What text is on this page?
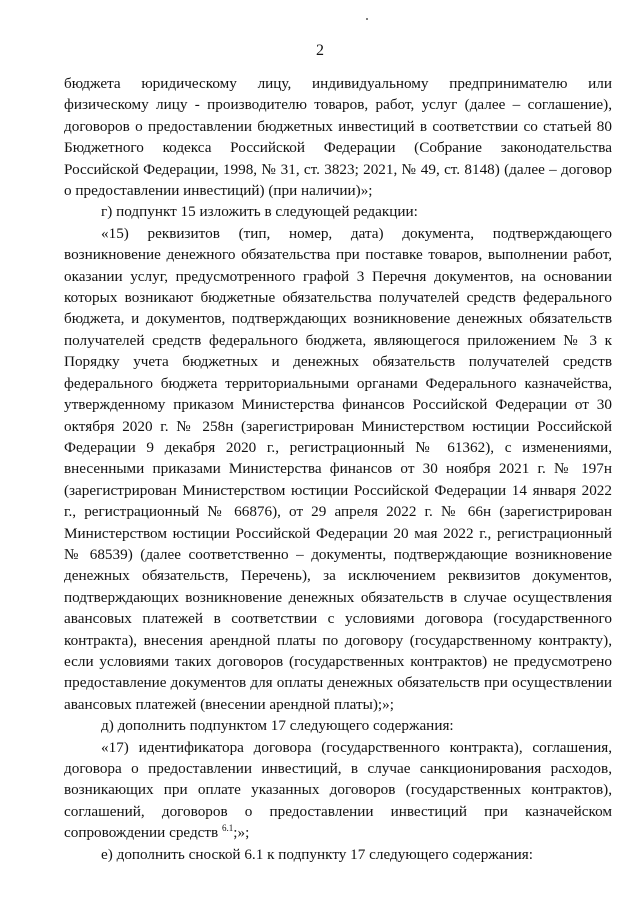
2

бюджета юридическому лицу, индивидуальному предпринимателю или физическому лицу - производителю товаров, работ, услуг (далее – соглашение), договоров о предоставлении бюджетных инвестиций в соответствии со статьей 80 Бюджетного кодекса Российской Федерации (Собрание законодательства Российской Федерации, 1998, № 31, ст. 3823; 2021, № 49, ст. 8148) (далее – договор о предоставлении инвестиций) (при наличии)»;

г) подпункт 15 изложить в следующей редакции:

«15) реквизитов (тип, номер, дата) документа, подтверждающего возникновение денежного обязательства при поставке товаров, выполнении работ, оказании услуг, предусмотренного графой 3 Перечня документов, на основании которых возникают бюджетные обязательства получателей средств федерального бюджета, и документов, подтверждающих возникновение денежных обязательств получателей средств федерального бюджета, являющегося приложением № 3 к Порядку учета бюджетных и денежных обязательств получателей средств федерального бюджета территориальными органами Федерального казначейства, утвержденному приказом Министерства финансов Российской Федерации от 30 октября 2020 г. № 258н (зарегистрирован Министерством юстиции Российской Федерации 9 декабря 2020 г., регистрационный № 61362), с изменениями, внесенными приказами Министерства финансов от 30 ноября 2021 г. № 197н (зарегистрирован Министерством юстиции Российской Федерации 14 января 2022 г., регистрационный № 66876), от 29 апреля 2022 г. № 66н (зарегистрирован Министерством юстиции Российской Федерации 20 мая 2022 г., регистрационный № 68539) (далее соответственно – документы, подтверждающие возникновение денежных обязательств, Перечень), за исключением реквизитов документов, подтверждающих возникновение денежных обязательств в случае осуществления авансовых платежей в соответствии с условиями договора (государственного контракта), внесения арендной платы по договору (государственному контракту), если условиями таких договоров (государственных контрактов) не предусмотрено предоставление документов для оплаты денежных обязательств при осуществлении авансовых платежей (внесении арендной платы);»;

д) дополнить подпунктом 17 следующего содержания:

«17) идентификатора договора (государственного контракта), соглашения, договора о предоставлении инвестиций, в случае санкционирования расходов, возникающих при оплате указанных договоров (государственных контрактов), соглашений, договоров о предоставлении инвестиций при казначейском сопровождении средств $^{6.1}$;»;

е) дополнить сноской 6.1 к подпункту 17 следующего содержания:
